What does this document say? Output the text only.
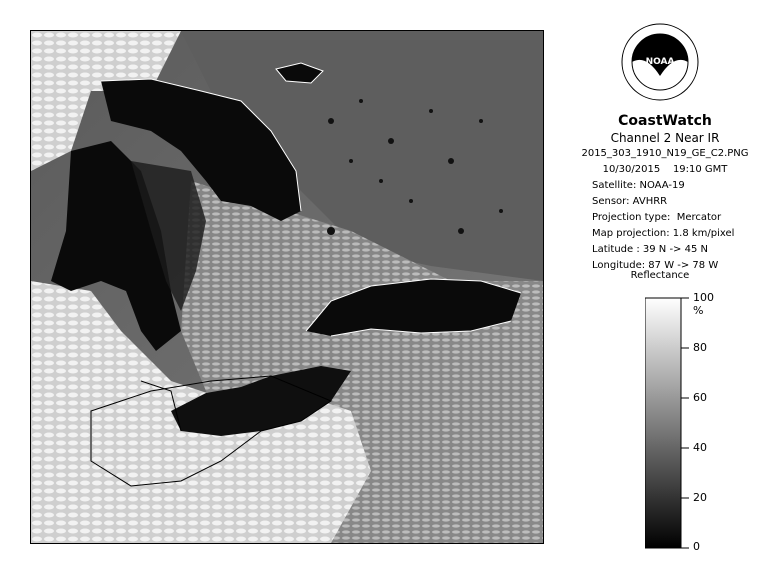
NOAA
CoastWatch
Channel 2 Near IR
2015_303_1910_N19_GE_C2.PNG
10/30/2015 19:10 GMT
Satellite: NOAA-19
Sensor: AVHRR
Projection type:  Mercator
Map projection: 1.8 km/pixel
Latitude : 39 N -> 45 N
Longitude: 87 W -> 78 W
Reflectance
100 %
80
60
40
20
0
